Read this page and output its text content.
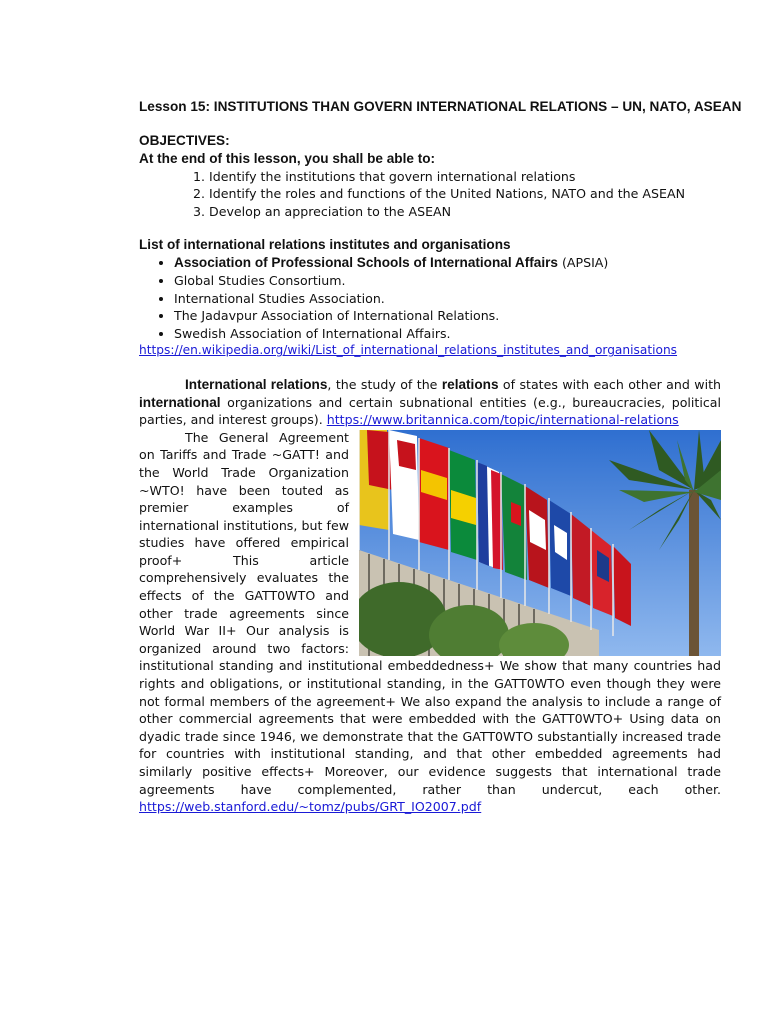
Lesson 15: INSTITUTIONS THAN GOVERN INTERNATIONAL RELATIONS – UN, NATO, ASEAN
OBJECTIVES:
At the end of this lesson, you shall be able to:
1. Identify the institutions that govern international relations
2. Identify the roles and functions of the United Nations, NATO and the ASEAN
3. Develop an appreciation to the ASEAN
List of international relations institutes and organisations
• Association of Professional Schools of International Affairs (APSIA)
• Global Studies Consortium.
• International Studies Association.
• The Jadavpur Association of International Relations.
• Swedish Association of International Affairs.
https://en.wikipedia.org/wiki/List_of_international_relations_institutes_and_organisations
International relations, the study of the relations of states with each other and with international organizations and certain subnational entities (e.g., bureaucracies, political parties, and interest groups). https://www.britannica.com/topic/international-relations
The General Agreement on Tariffs and Trade ~GATT! and the World Trade Organization ~WTO! have been touted as premier examples of international institutions, but few studies have offered empirical proof+ This article comprehensively evaluates the effects of the GATT0WTO and other trade agreements since World War II+ Our analysis is organized around two factors: institutional standing and institutional embeddedness+ We show that many countries had rights and obligations, or institutional standing, in the GATT0WTO even though they were not formal members of the agreement+ We also expand the analysis to include a range of other commercial agreements that were embedded with the GATT0WTO+ Using data on dyadic trade since 1946, we demonstrate that the GATT0WTO substantially increased trade for countries with institutional standing, and that other embedded agreements had similarly positive effects+ Moreover, our evidence suggests that international trade agreements have complemented, rather than undercut, each other. https://web.stanford.edu/~tomz/pubs/GRT_IO2007.pdf
